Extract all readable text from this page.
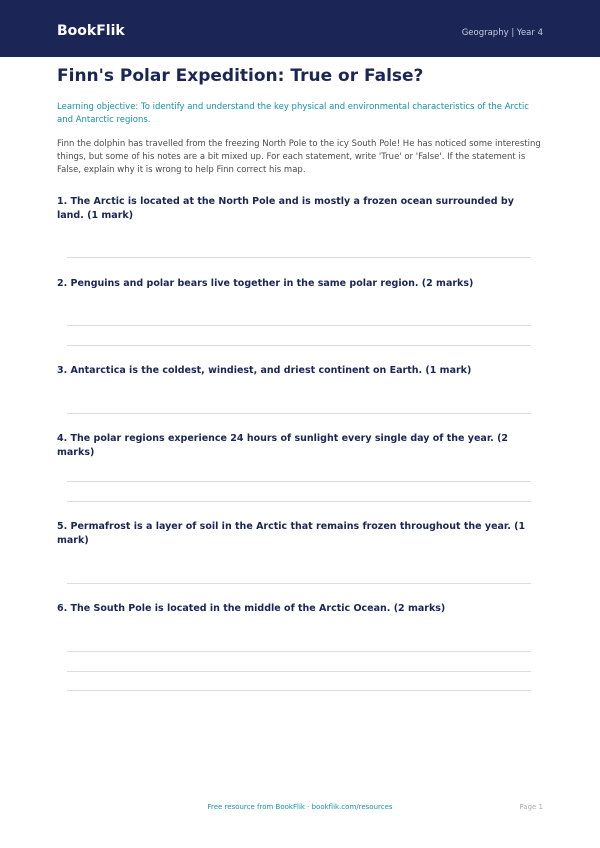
BookFlik	Geography | Year 4
Finn's Polar Expedition: True or False?

Learning objective: To identify and understand the key physical and environmental characteristics of the Arctic and Antarctic regions.

Finn the dolphin has travelled from the freezing North Pole to the icy South Pole! He has noticed some interesting things, but some of his notes are a bit mixed up. For each statement, write 'True' or 'False'. If the statement is False, explain why it is wrong to help Finn correct his map.

1. The Arctic is located at the North Pole and is mostly a frozen ocean surrounded by land. (1 mark)

2. Penguins and polar bears live together in the same polar region. (2 marks)

3. Antarctica is the coldest, windiest, and driest continent on Earth. (1 mark)

4. The polar regions experience 24 hours of sunlight every single day of the year. (2 marks)

5. Permafrost is a layer of soil in the Arctic that remains frozen throughout the year. (1 mark)

6. The South Pole is located in the middle of the Arctic Ocean. (2 marks)

Free resource from BookFlik · bookflik.com/resources	Page 1
